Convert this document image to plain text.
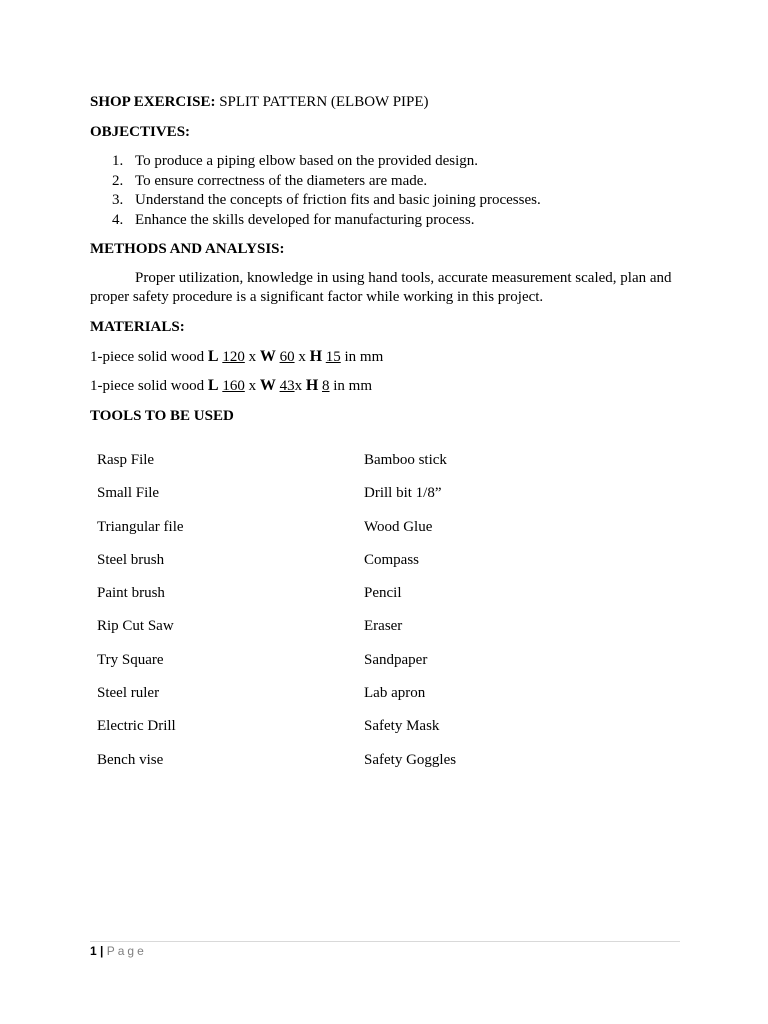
SHOP EXERCISE: SPLIT PATTERN (ELBOW PIPE)
OBJECTIVES:
1. To produce a piping elbow based on the provided design.
2. To ensure correctness of the diameters are made.
3. Understand the concepts of friction fits and basic joining processes.
4. Enhance the skills developed for manufacturing process.
METHODS AND ANALYSIS:
Proper utilization, knowledge in using hand tools, accurate measurement scaled, plan and proper safety procedure is a significant factor while working in this project.
MATERIALS:
1-piece solid wood L 120 x W 60 x H 15 in mm
1-piece solid wood L 160 x W 43x H 8 in mm
TOOLS TO BE USED
Rasp File	Bamboo stick
Small File	Drill bit 1/8”
Triangular file	Wood Glue
Steel brush	Compass
Paint brush	Pencil
Rip Cut Saw	Eraser
Try Square	Sandpaper
Steel ruler	Lab apron
Electric Drill	Safety Mask
Bench vise	Safety Goggles
1 | Page
